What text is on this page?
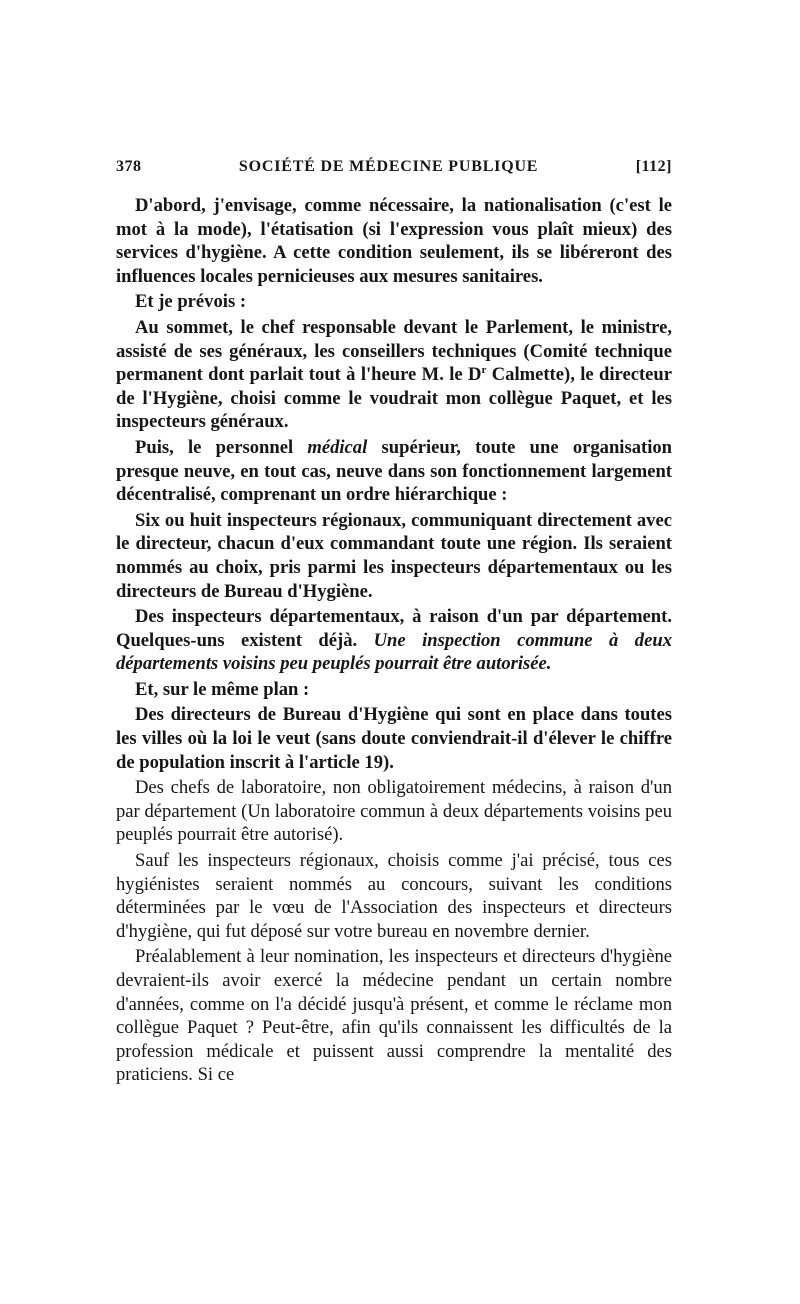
378	SOCIÉTÉ DE MÉDECINE PUBLIQUE	[112]

D'abord, j'envisage, comme nécessaire, la nationalisation (c'est le mot à la mode), l'étatisation (si l'expression vous plaît mieux) des services d'hygiène. A cette condition seulement, ils se libéreront des influences locales pernicieuses aux mesures sanitaires.

Et je prévois :

Au sommet, le chef responsable devant le Parlement, le ministre, assisté de ses généraux, les conseillers techniques (Comité technique permanent dont parlait tout à l'heure M. le $D^r$ Calmette), le directeur de l'Hygiène, choisi comme le voudrait mon collègue Paquet, et les inspecteurs généraux.

Puis, le personnel médical supérieur, toute une organisation presque neuve, en tout cas, neuve dans son fonctionnement largement décentralisé, comprenant un ordre hiérarchique :

Six ou huit inspecteurs régionaux, communiquant directement avec le directeur, chacun d'eux commandant toute une région. Ils seraient nommés au choix, pris parmi les inspecteurs départementaux ou les directeurs de Bureau d'Hygiène.

Des inspecteurs départementaux, à raison d'un par département. Quelques-uns existent déjà. Une inspection commune à deux départements voisins peu peuplés pourrait être autorisée.

Et, sur le même plan :

Des directeurs de Bureau d'Hygiène qui sont en place dans toutes les villes où la loi le veut (sans doute conviendrait-il d'élever le chiffre de population inscrit à l'article 19).

Des chefs de laboratoire, non obligatoirement médecins, à raison d'un par département (Un laboratoire commun à deux départements voisins peu peuplés pourrait être autorisé).

Sauf les inspecteurs régionaux, choisis comme j'ai précisé, tous ces hygiénistes seraient nommés au concours, suivant les conditions déterminées par le vœu de l'Association des inspecteurs et directeurs d'hygiène, qui fut déposé sur votre bureau en novembre dernier.

Préalablement à leur nomination, les inspecteurs et directeurs d'hygiène devraient-ils avoir exercé la médecine pendant un certain nombre d'années, comme on l'a décidé jusqu'à présent, et comme le réclame mon collègue Paquet ? Peut-être, afin qu'ils connaissent les difficultés de la profession médicale et puissent aussi comprendre la mentalité des praticiens. Si ce
